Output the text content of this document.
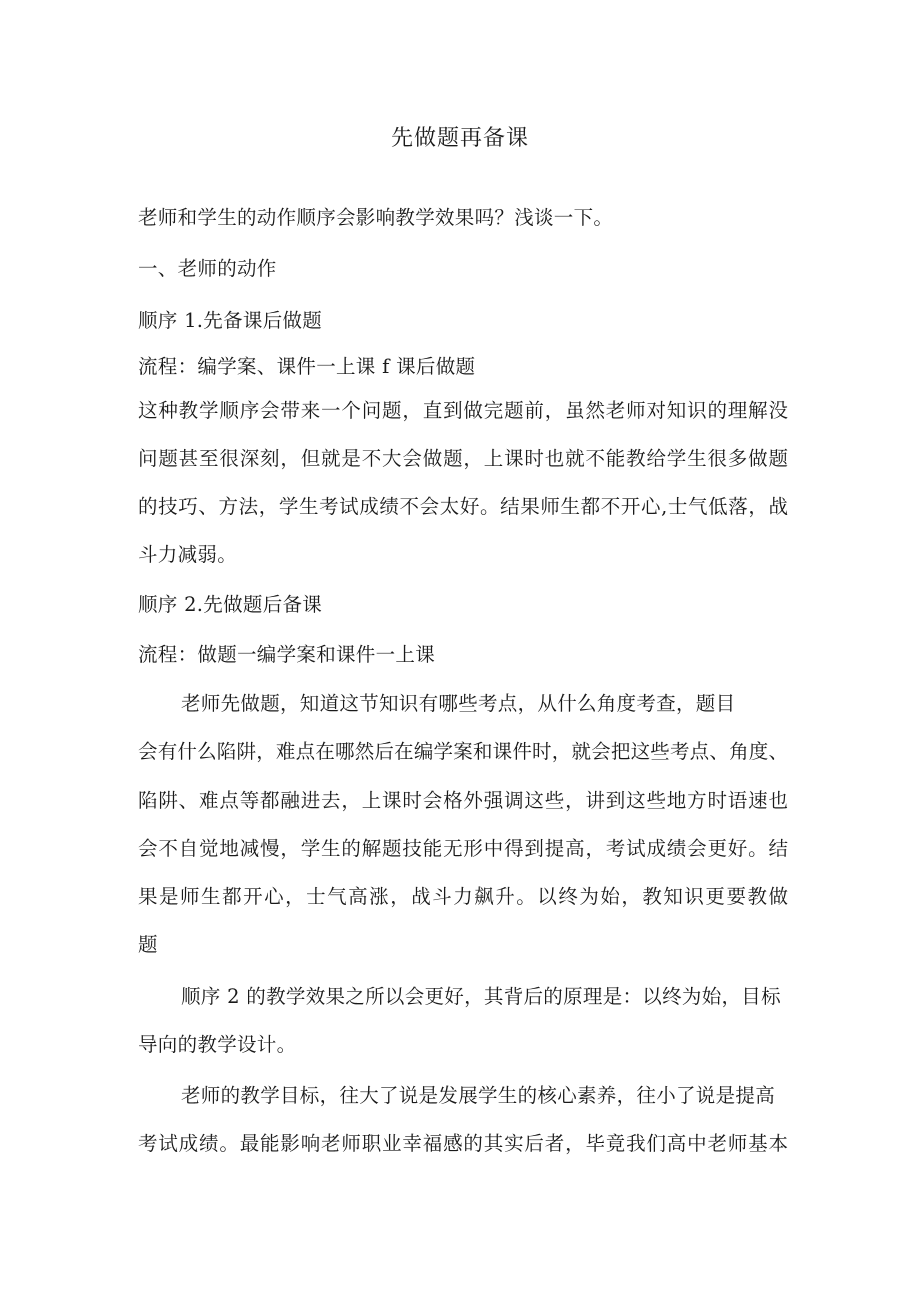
先做题再备课
老师和学生的动作顺序会影响教学效果吗？浅谈一下。
一、老师的动作
顺序 1.先备课后做题
流程：编学案、课件一上课 f 课后做题
这种教学顺序会带来一个问题，直到做完题前，虽然老师对知识的理解没
问题甚至很深刻，但就是不大会做题，上课时也就不能教给学生很多做题
的技巧、方法，学生考试成绩不会太好。结果师生都不开心,士气低落，战
斗力减弱。
顺序 2.先做题后备课
流程：做题一编学案和课件一上课
老师先做题，知道这节知识有哪些考点，从什么角度考查，题目
会有什么陷阱，难点在哪然后在编学案和课件时，就会把这些考点、角度、
陷阱、难点等都融进去，上课时会格外强调这些，讲到这些地方时语速也
会不自觉地减慢，学生的解题技能无形中得到提高，考试成绩会更好。结
果是师生都开心，士气高涨，战斗力飙升。以终为始，教知识更要教做
题
顺序 2 的教学效果之所以会更好，其背后的原理是：以终为始，目标
导向的教学设计。
老师的教学目标，往大了说是发展学生的核心素养，往小了说是提高
考试成绩。最能影响老师职业幸福感的其实后者，毕竟我们高中老师基本
